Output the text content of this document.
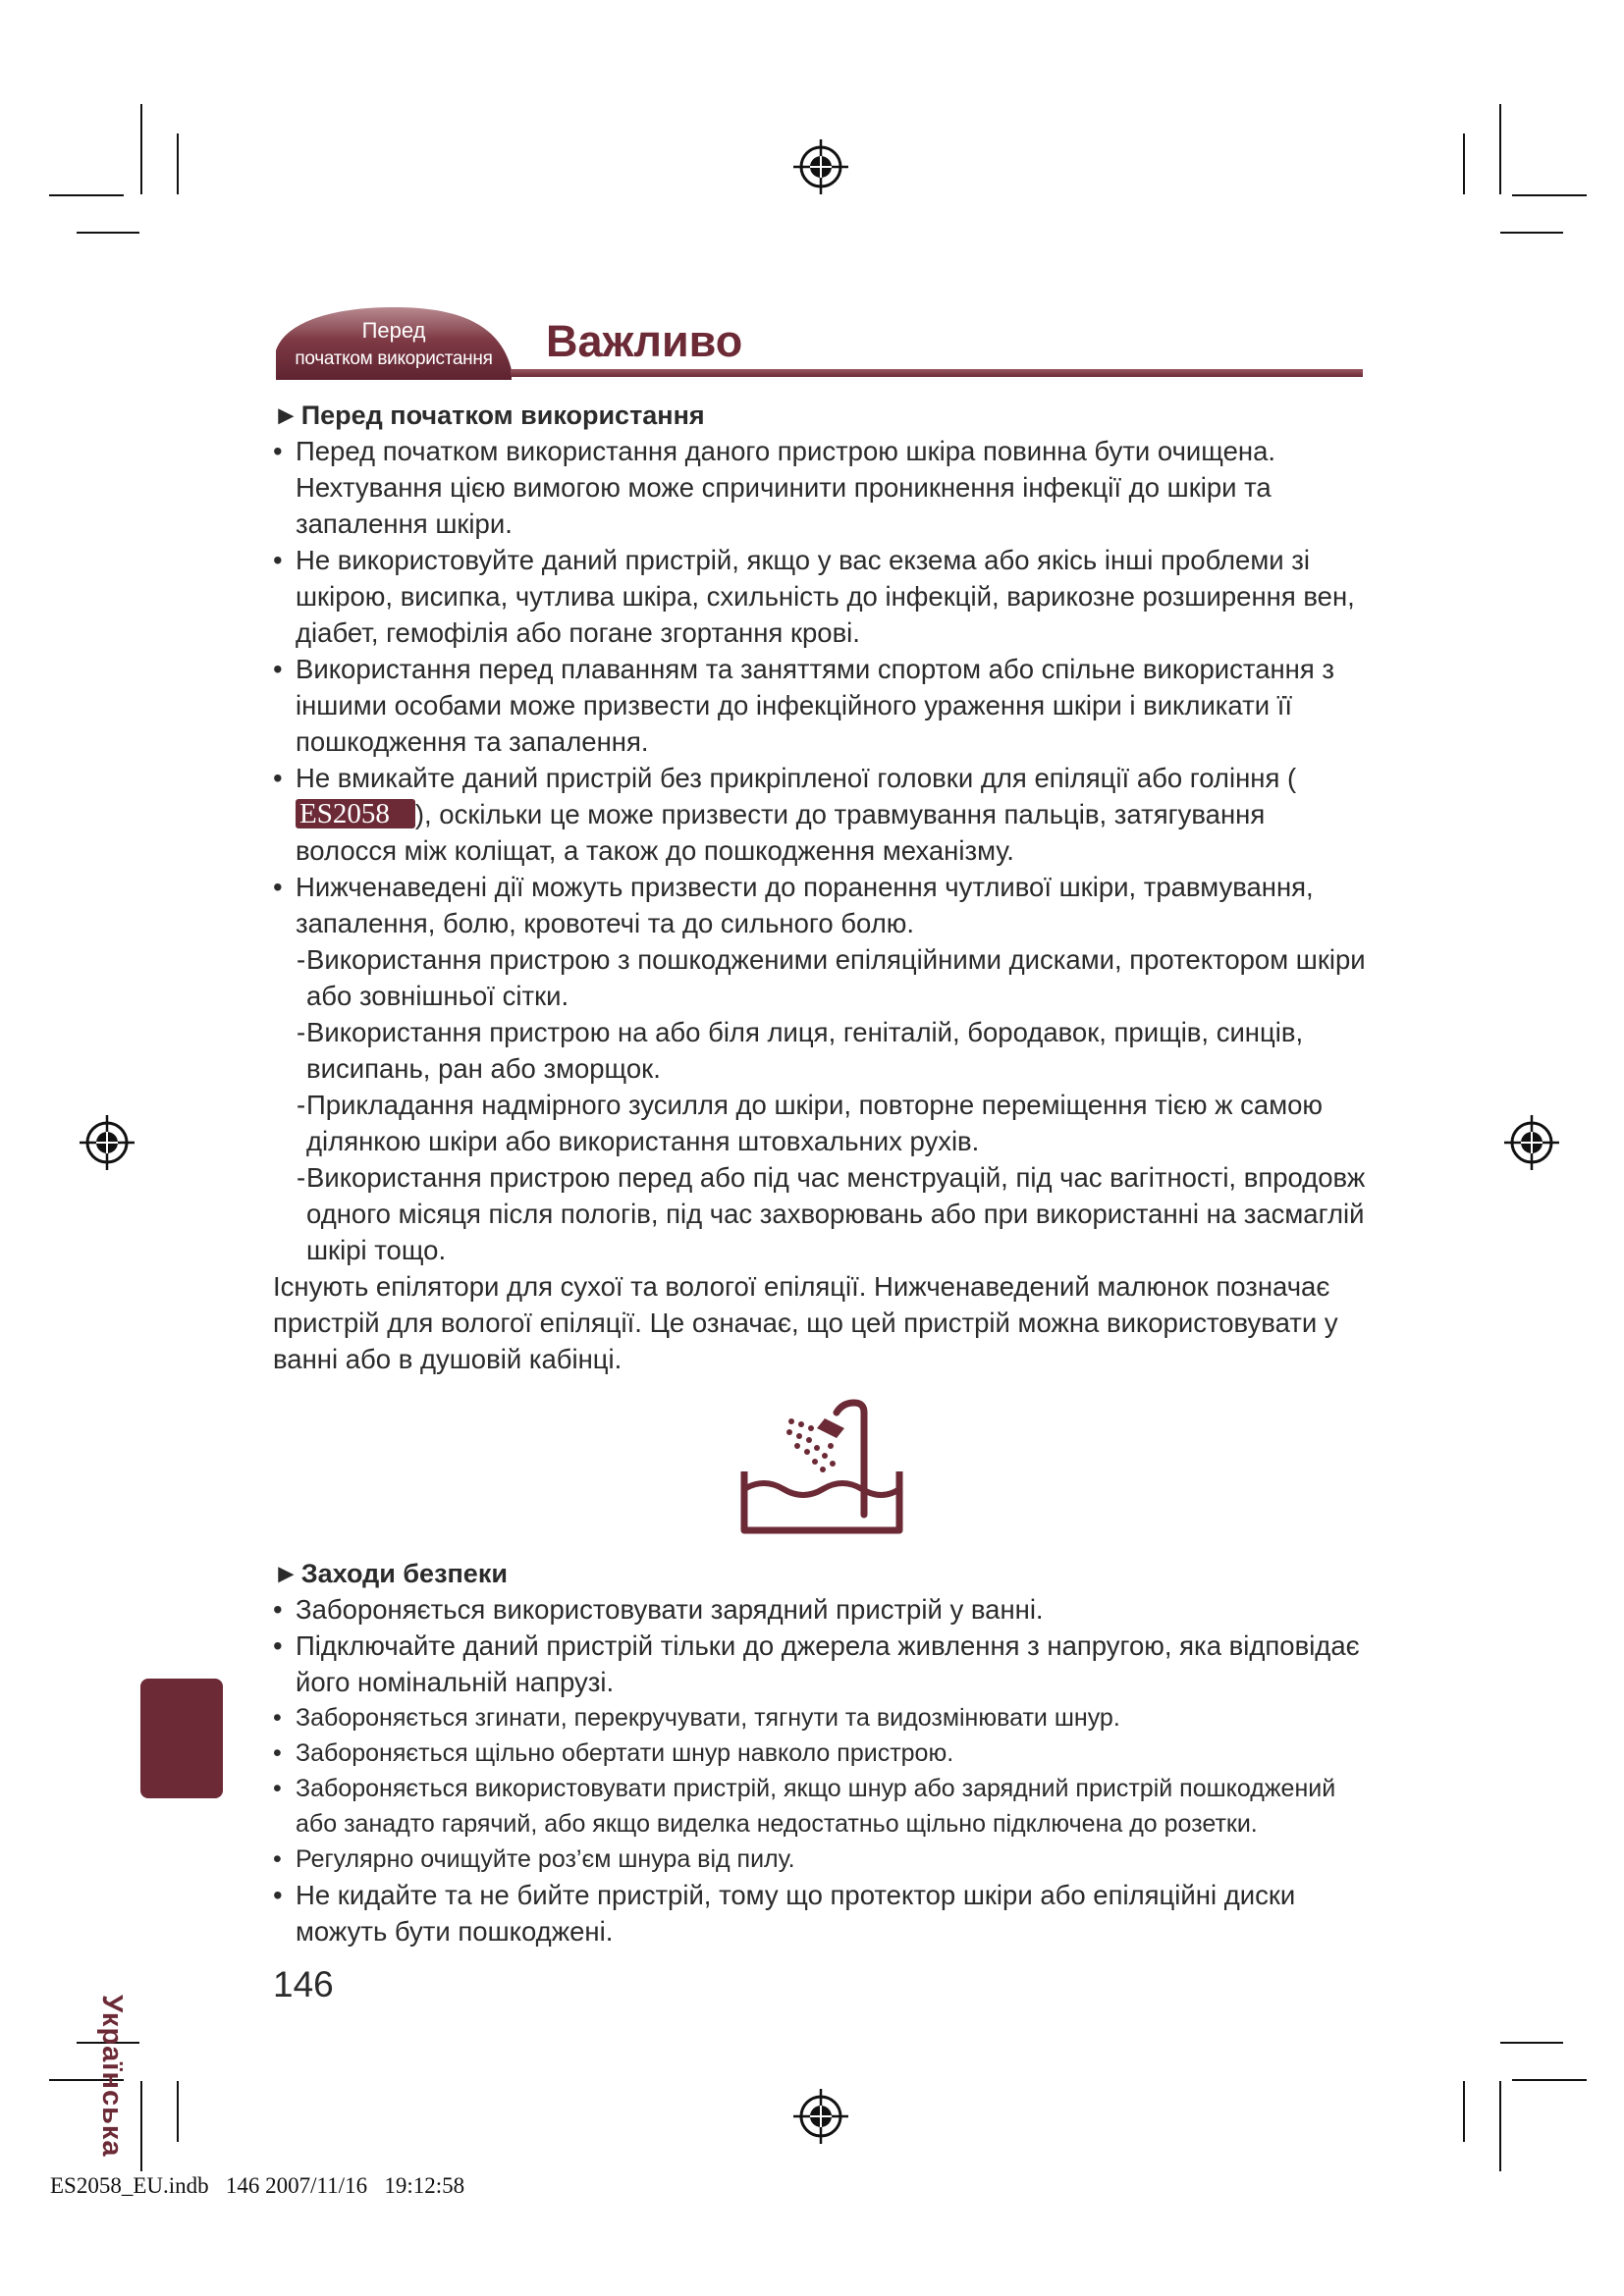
Перед
початком використання	Важливо

►Перед початком використання

• Перед початком використання даного пристрою шкіра повинна бути очищена. Нехтування цією вимогою може спричинити проникнення інфекції до шкіри та запалення шкіри.

• Не використовуйте даний пристрій, якщо у вас екзема або якісь інші проблеми зі шкірою, висипка, чутлива шкіра, схильність до інфекцій, варикозне розширення вен, діабет, гемофілія або погане згортання крові.

• Використання перед плаванням та заняттями спортом або спільне використання з іншими особами може призвести до інфекційного ураження шкіри і викликати її пошкодження та запалення.

• Не вмикайте даний пристрій без прикріпленої головки для епіляції або гоління (ES2058 ), оскільки це може призвести до травмування пальців, затягування волосся між коліщат, а також до пошкодження механізму.

• Нижченаведені дії можуть призвести до поранення чутливої шкіри, травмування, запалення, болю, кровотечі та до сильного болю.

- Використання пристрою з пошкодженими епіляційними дисками, протектором шкіри або зовнішньої сітки.

- Використання пристрою на або біля лиця, геніталій, бородавок, прищів, синців, висипань, ран або зморщок.

- Прикладання надмірного зусилля до шкіри, повторне переміщення тією ж самою ділянкою шкіри або використання штовхальних рухів.

- Використання пристрою перед або під час менструацій, під час вагітності, впродовж одного місяця після пологів, під час захворювань або при використанні на засмаглій шкірі тощо.

Існують епілятори для сухої та вологої епіляції. Нижченаведений малюнок позначає пристрій для вологої епіляції. Це означає, що цей пристрій можна використовувати у ванні або в душовій кабінці.

►Заходи безпеки

• Забороняється використовувати зарядний пристрій у ванні.

• Підключайте даний пристрій тільки до джерела живлення з напругою, яка відповідає його номінальній напрузі.

• Забороняється згинати, перекручувати, тягнути та видозмінювати шнур.

• Забороняється щільно обертати шнур навколо пристрою.

• Забороняється використовувати пристрій, якщо шнур або зарядний пристрій пошкоджений або занадто гарячий, або якщо виделка недостатньо щільно підключена до розетки.

• Регулярно очищуйте роз’єм шнура від пилу.

• Не кидайте та не бийте пристрій, тому що протектор шкіри або епіляційні диски можуть бути пошкоджені.

Українська
146
ES2058_EU.indb   146 2007/11/16   19:12:58
